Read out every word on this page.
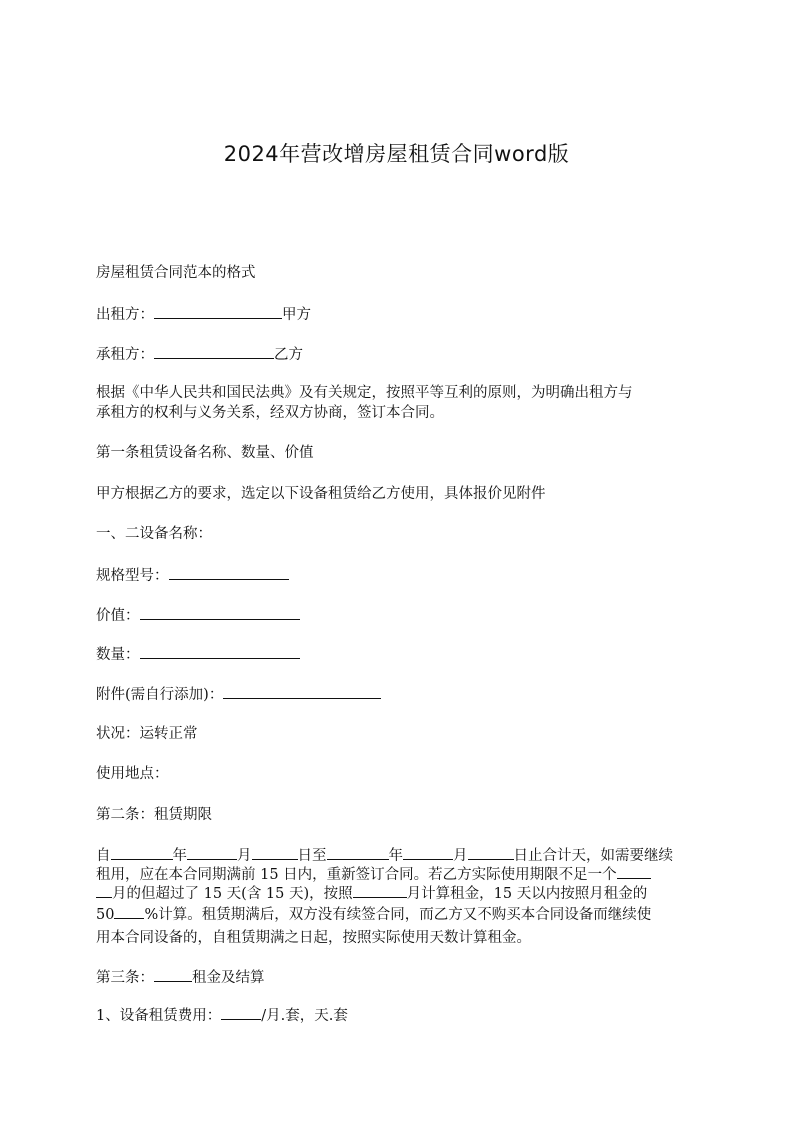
2024年营改增房屋租赁合同word版
房屋租赁合同范本的格式
出租方：	甲方
承租方：	乙方
根据《中华人民共和国民法典》及有关规定，按照平等互利的原则，为明确出租方与
承租方的权利与义务关系，经双方协商，签订本合同。
第一条租赁设备名称、数量、价值
甲方根据乙方的要求，选定以下设备租赁给乙方使用，具体报价见附件
一、二设备名称：
规格型号：
价值：
数量：
附件(需自行添加)：
状况：运转正常
使用地点：
第二条：租赁期限
自	年	月	日至	年	月	日止合计天，如需要继续
租用，应在本合同期满前 15 日内，重新签订合同。若乙方实际使用期限不足一个
月的但超过了 15 天(含 15 天)，按照	月计算租金，15 天以内按照月租金的
50 %计算。租赁期满后，双方没有续签合同，而乙方又不购买本合同设备而继续使
用本合同设备的，自租赁期满之日起，按照实际使用天数计算租金。
第三条：	租金及结算
1、设备租赁费用：	/月.套，天.套
